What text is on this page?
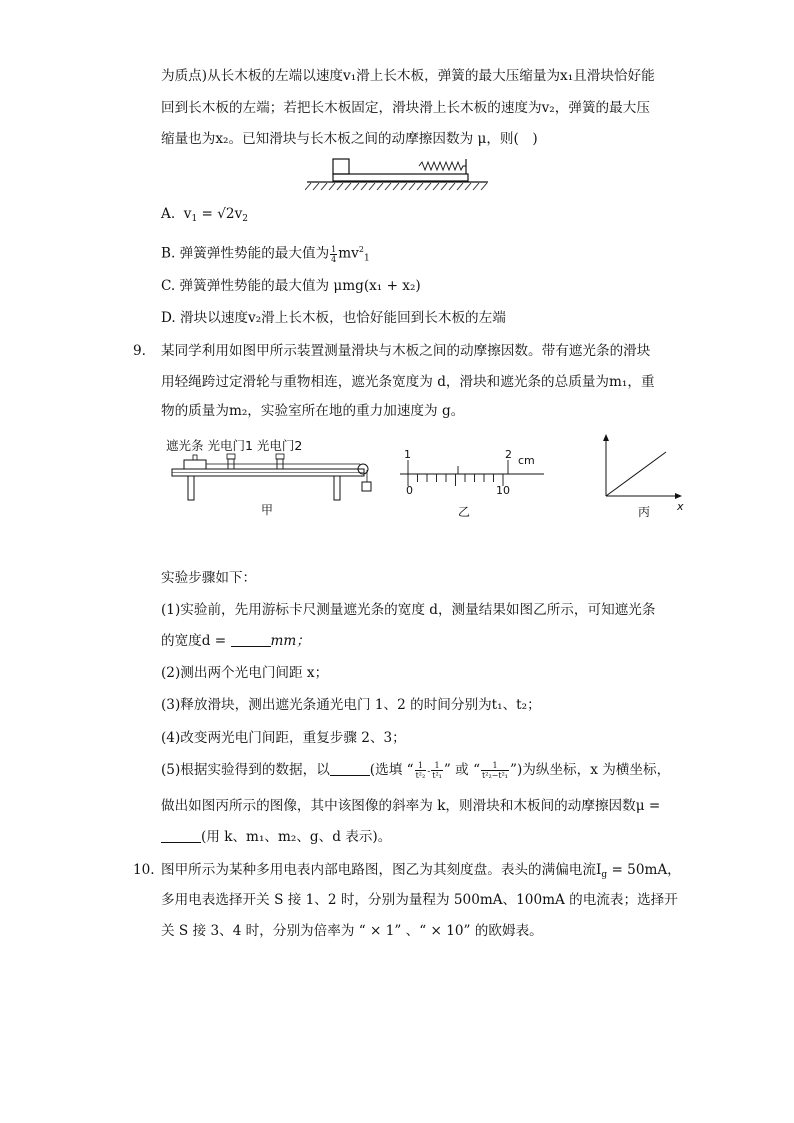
为质点)从长木板的左端以速度v₁滑上长木板，弹簧的最大压缩量为x₁且滑块恰好能
回到长木板的左端；若把长木板固定，滑块滑上长木板的速度为v₂，弹簧的最大压
缩量也为x₂。已知滑块与长木板之间的动摩擦因数为 μ，则(　)
A. $v_1 = √2v_2$
B. 弹簧弹性势能的最大值为 $\frac{1}{4} mv^2_1$
C. 弹簧弹性势能的最大值为 μmg(x₁ + x₂)
D. 滑块以速度v₂滑上长木板，也恰好能回到长木板的左端
9. 某同学利用如图甲所示装置测量滑块与木板之间的动摩擦因数。带有遮光条的滑块
用轻绳跨过定滑轮与重物相连，遮光条宽度为 d，滑块和遮光条的总质量为m₁，重
物的质量为m₂，实验室所在地的重力加速度为 g。
遮光条 光电门1 光电门2
甲
1	2 cm
0	10
乙	x
丙
实验步骤如下：
(1)实验前，先用游标卡尺测量遮光条的宽度 d，测量结果如图乙所示，可知遮光条
的宽度d =	mm；
(2)测出两个光电门间距 x；
(3)释放滑块，测出遮光条通光电门 1、2 的时间分别为t₁、t₂；
(4)改变两光电门间距，重复步骤 2、3；
(5)根据实验得到的数据，以	(选填 “ $\frac{1}{\text{t²₂}} - \frac{1}{\text{t²₁}}$ ” 或 “ $\frac{1}{\text{t²₂−t²₁}}$ ”)为纵坐标，x 为横坐标，
做出如图丙所示的图像，其中该图像的斜率为 k，则滑块和木板间的动摩擦因数μ =
(用 k、m₁、m₂、g、d 表示)。
10. 图甲所示为某种多用电表内部电路图，图乙为其刻度盘。表头的满偏电流$I_g = 50mA$，
多用电表选择开关 S 接 1、2 时，分别为量程为 500mA、100mA 的电流表；选择开
关 S 接 3、4 时，分别为倍率为 “ × 1” 、“ × 10” 的欧姆表。
